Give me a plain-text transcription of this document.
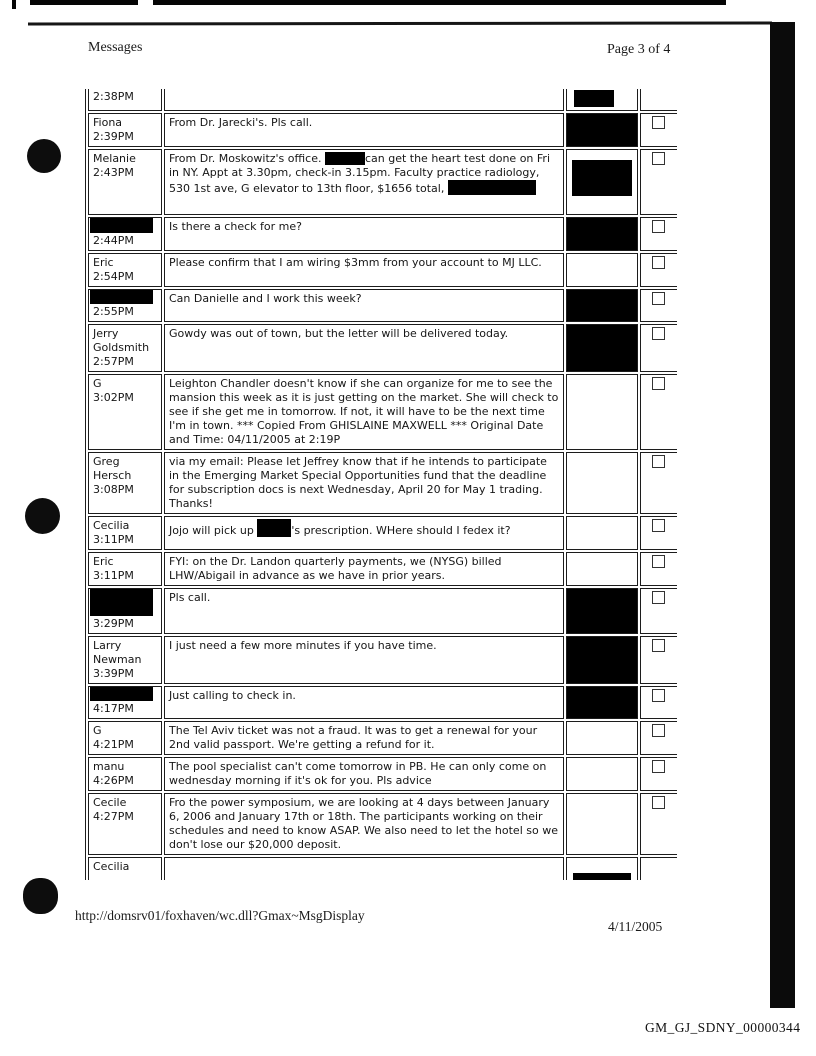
Messages	Page 3 of 4
2:38PM			

Fiona
2:39PM	From Dr. Jarecki's. Pls call.		

Melanie
2:43PM	From Dr. Moskowitz's office. can get the heart test done on Fri in NY. Appt at 3.30pm, check-in 3.15pm. Faculty practice radiology, 530 1st ave, G elevator to 13th floor, $1656 total,	

2:44PM	Is there a check for me?		

Eric
2:54PM	Please confirm that I am wiring $3mm from your account to MJ LLC.		

2:55PM	Can Danielle and I work this week?		

Jerry Goldsmith
2:57PM	Gowdy was out of town, but the letter will be delivered today.		

G
3:02PM	Leighton Chandler doesn't know if she can organize for me to see the mansion this week as it is just getting on the market. She will check to see if she get me in tomorrow. If not, it will have to be the next time I'm in town. *** Copied From GHISLAINE MAXWELL *** Original Date and Time: 04/11/2005 at 2:19P		

Greg Hersch
3:08PM	via my email: Please let Jeffrey know that if he intends to participate in the Emerging Market Special Opportunities fund that the deadline for subscription docs is next Wednesday, April 20 for May 1 trading. Thanks!		

Cecilia
3:11PM	Jojo will pick up 's prescription. WHere should I fedex it?		

Eric
3:11PM	FYI: on the Dr. Landon quarterly payments, we (NYSG) billed LHW/Abigail in advance as we have in prior years.		

3:29PM	Pls call.		

Larry Newman
3:39PM	I just need a few more minutes if you have time.		

4:17PM	Just calling to check in.		

G
4:21PM	The Tel Aviv ticket was not a fraud. It was to get a renewal for your 2nd valid passport. We're getting a refund for it.		

manu
4:26PM	The pool specialist can't come tomorrow in PB. He can only come on wednesday morning if it's ok for you. Pls advice		

Cecile
4:27PM	Fro the power symposium, we are looking at 4 days between January 6, 2006 and January 17th or 18th. The participants working on their schedules and need to know ASAP. We also need to let the hotel so we don't lose our $20,000 deposit.		

Cecilia			

http://domsrv01/foxhaven/wc.dll?Gmax~MsgDisplay
4/11/2005
GM_GJ_SDNY_00000344
